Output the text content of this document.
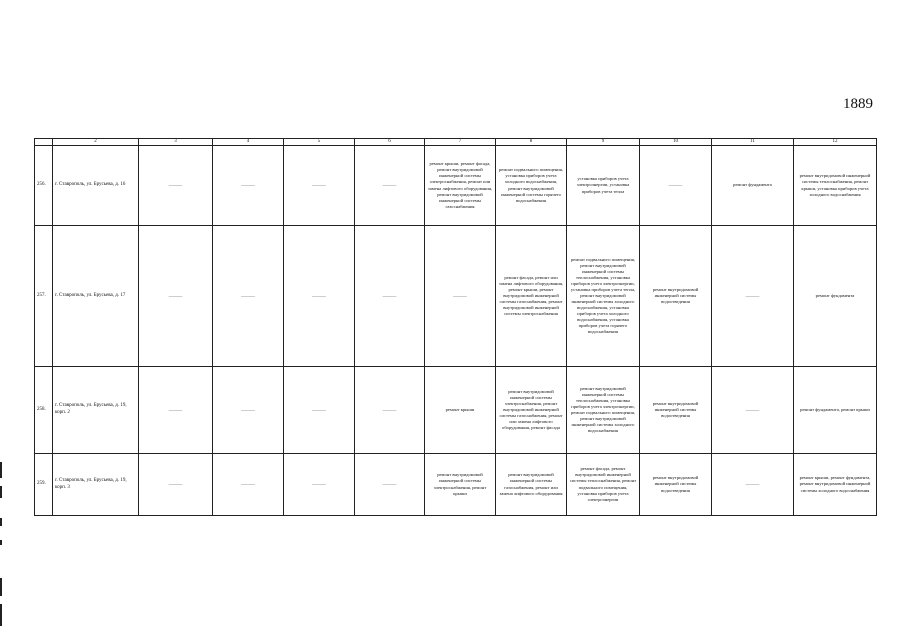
1889
	2	3	4	5	6	7	8	9	10	11	12
256.	г. Ставрополь, ул. Брусьева, д. 16	———	———	———	———	ремонт крыши, ремонт фасада, ремонт внутридомовой инженерной системы электроснабжения, ремонт или замена лифтового оборудования, ремонт внутридомовой инженерной системы газоснабжения	ремонт подвального помещения, установка приборов учета холодного водоснабжения, ремонт внутридомовой инженерной системы горячего водоснабжения	установка приборов учета электроэнергии, установка приборов учета тепла	———	ремонт фундамента	ремонт внутридомовой инженерной системы теплоснабжения, ремонт крыши, установка приборов учета холодного водоснабжения
257.	г. Ставрополь, ул. Брусьева, д. 17	———	———	———	———	———	ремонт фасада, ремонт или замена лифтового оборудования, ремонт крыши, ремонт внутридомовой инженерной системы газоснабжения, ремонт внутридомовой инженерной системы электроснабжения	ремонт подвального помещения, ремонт внутридомовой инженерной системы теплоснабжения, установка приборов учета электроэнергии, установка приборов учета тепла, ремонт внутридомовой инженерной системы холодного водоснабжения, установка приборов учета холодного водоснабжения, установка приборов учета горячего водоснабжения	ремонт внутридомовой инженерной системы водоотведения	———	ремонт фундамента
258.	г. Ставрополь, ул. Брусьева, д. 19, корп. 2	———	———	———	———	ремонт крыши	ремонт внутридомовой инженерной системы электроснабжения, ремонт внутридомовой инженерной системы газоснабжения, ремонт или замена лифтового оборудования, ремонт фасада	ремонт внутридомовой инженерной системы теплоснабжения, установка приборов учета электроэнергии, ремонт подвального помещения, ремонт внутридомовой инженерной системы холодного водоснабжения	ремонт внутридомовой инженерной системы водоотведения	———	ремонт фундамента, ремонт крыши
259.	г. Ставрополь, ул. Брусьева, д. 19, корп. 3	———	———	———	———	ремонт внутридомовой инженерной системы электроснабжения, ремонт крыши	ремонт внутридомовой инженерной системы газоснабжения, ремонт или замена лифтового оборудования	ремонт фасада, ремонт внутридомовой инженерной системы теплоснабжения, ремонт подвального помещения, установка приборов учета электроэнергии	ремонт внутридомовой инженерной системы водоотведения	———	ремонт крыши, ремонт фундамента, ремонт внутридомовой инженерной системы холодного водоснабжения
